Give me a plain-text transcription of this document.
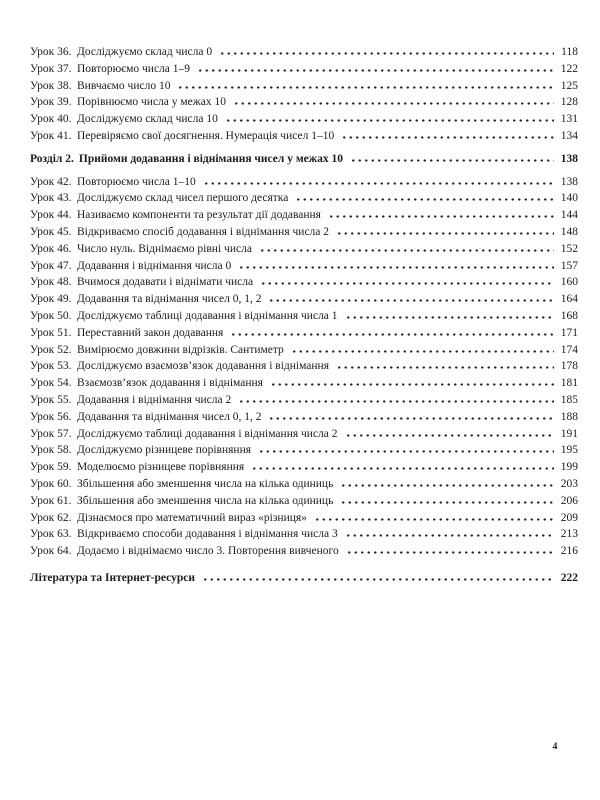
Урок 36. Досліджуємо склад числа 0	118
Урок 37. Повторюємо числа 1–9	122
Урок 38. Вивчаємо число 10	125
Урок 39. Порівнюємо числа у межах 10	128
Урок 40. Досліджуємо склад числа 10	131
Урок 41. Перевіряємо свої досягнення. Нумерація чисел 1–10	134
Розділ 2. Прийоми додавання і віднімання чисел у межах 10	138
Урок 42. Повторюємо числа 1–10	138
Урок 43. Досліджуємо склад чисел першого десятка	140
Урок 44. Називаємо компоненти та результат дії додавання	144
Урок 45. Відкриваємо спосіб додавання і віднімання числа 2	148
Урок 46. Число нуль. Віднімаємо рівні числа	152
Урок 47. Додавання і віднімання числа 0	157
Урок 48. Вчимося додавати і віднімати числа	160
Урок 49. Додавання та віднімання чисел 0, 1, 2	164
Урок 50. Досліджуємо таблиці додавання і віднімання числа 1	168
Урок 51. Переставний закон додавання	171
Урок 52. Вимірюємо довжини відрізків. Сантиметр	174
Урок 53. Досліджуємо взаємозв’язок додавання і віднімання	178
Урок 54. Взаємозв’язок додавання і віднімання	181
Урок 55. Додавання і віднімання числа 2	185
Урок 56. Додавання та віднімання чисел 0, 1, 2	188
Урок 57. Досліджуємо таблиці додавання і віднімання числа 2	191
Урок 58. Досліджуємо різницеве порівняння	195
Урок 59. Моделюємо різницеве порівняння	199
Урок 60. Збільшення або зменшення числа на кілька одиниць	203
Урок 61. Збільшення або зменшення числа на кілька одиниць	206
Урок 62. Дізнаємося про математичний вираз «різниця»	209
Урок 63. Відкриваємо способи додавання і віднімання числа 3	213
Урок 64. Додаємо і віднімаємо число 3. Повторення вивченого	216
Література та Інтернет-ресурси	222
4
